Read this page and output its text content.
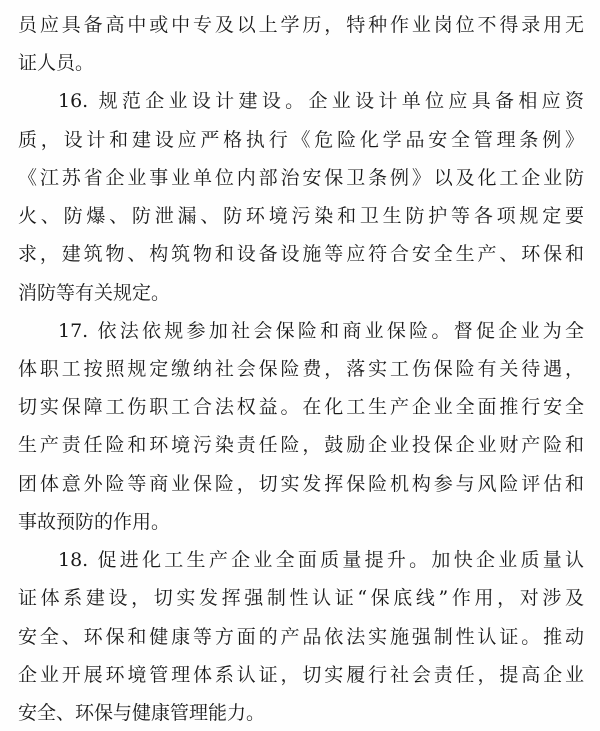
员应具备高中或中专及以上学历，特种作业岗位不得录用无
证人员。
16. 规范企业设计建设。企业设计单位应具备相应资
质，设计和建设应严格执行《危险化学品安全管理条例》
《江苏省企业事业单位内部治安保卫条例》以及化工企业防
火、防爆、防泄漏、防环境污染和卫生防护等各项规定要
求，建筑物、构筑物和设备设施等应符合安全生产、环保和
消防等有关规定。
17. 依法依规参加社会保险和商业保险。督促企业为全
体职工按照规定缴纳社会保险费，落实工伤保险有关待遇，
切实保障工伤职工合法权益。在化工生产企业全面推行安全
生产责任险和环境污染责任险，鼓励企业投保企业财产险和
团体意外险等商业保险，切实发挥保险机构参与风险评估和
事故预防的作用。
18. 促进化工生产企业全面质量提升。加快企业质量认
证体系建设，切实发挥强制性认证“保底线”作用，对涉及
安全、环保和健康等方面的产品依法实施强制性认证。推动
企业开展环境管理体系认证，切实履行社会责任，提高企业
安全、环保与健康管理能力。
